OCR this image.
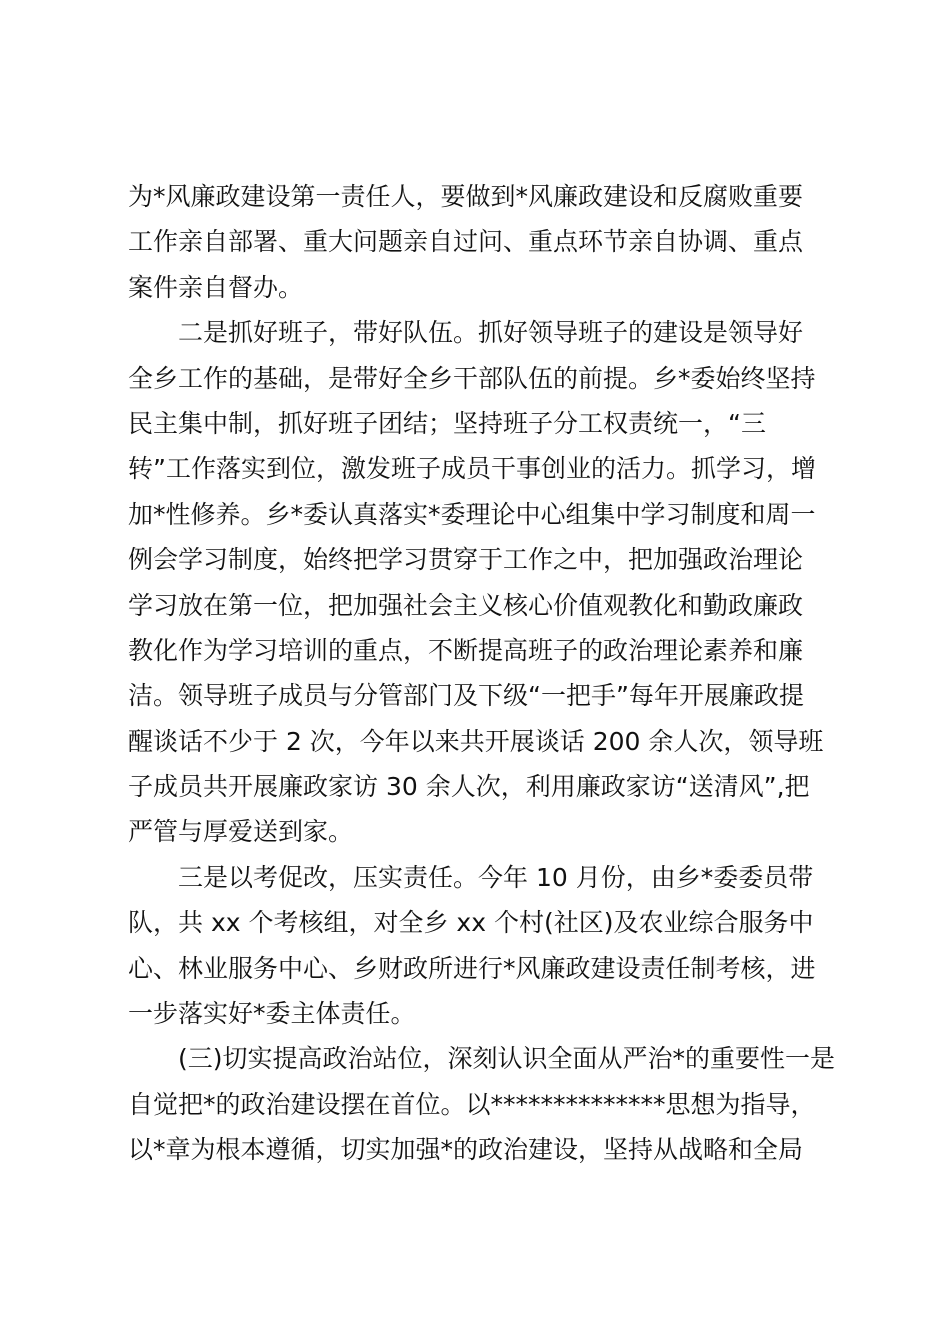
为*风廉政建设第一责任人，要做到*风廉政建设和反腐败重要
工作亲自部署、重大问题亲自过问、重点环节亲自协调、重点
案件亲自督办。
二是抓好班子，带好队伍。抓好领导班子的建设是领导好
全乡工作的基础，是带好全乡干部队伍的前提。乡*委始终坚持
民主集中制，抓好班子团结；坚持班子分工权责统一，“三
转”工作落实到位，激发班子成员干事创业的活力。抓学习，增
加*性修养。乡*委认真落实*委理论中心组集中学习制度和周一
例会学习制度，始终把学习贯穿于工作之中，把加强政治理论
学习放在第一位，把加强社会主义核心价值观教化和勤政廉政
教化作为学习培训的重点，不断提高班子的政治理论素养和廉
洁。领导班子成员与分管部门及下级“一把手”每年开展廉政提
醒谈话不少于 2 次，今年以来共开展谈话 200 余人次，领导班
子成员共开展廉政家访 30 余人次，利用廉政家访“送清风”,把
严管与厚爱送到家。
三是以考促改，压实责任。今年 10 月份，由乡*委委员带
队，共 xx 个考核组，对全乡 xx 个村(社区)及农业综合服务中
心、林业服务中心、乡财政所进行*风廉政建设责任制考核，进
一步落实好*委主体责任。
(三)切实提高政治站位，深刻认识全面从严治*的重要性一是
自觉把*的政治建设摆在首位。以**************思想为指导，
以*章为根本遵循，切实加强*的政治建设，坚持从战略和全局
